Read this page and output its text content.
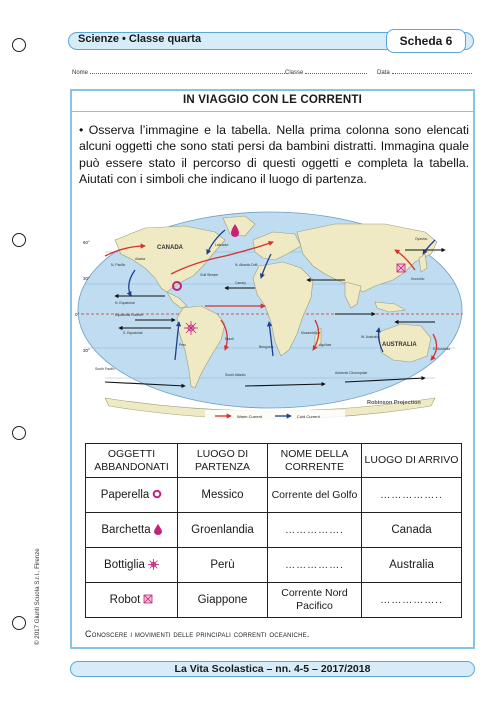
Scienze • Classe quarta	Scheda 6
Nome	Classe	Data
IN VIAGGIO CON LE CORRENTI
• Osserva l’immagine e la tabella. Nella prima colonna sono elencati alcuni oggetti che sono stati persi da bambini distratti. Immagina quale può essere stato il percorso di questi oggetti e completa la tabella. Aiutati con i simboli che indicano il luogo di partenza.
60°
30°
0°
30°
CANADA
AUSTRALIA
Alaska
Labrador
Gulf Stream
N. Pacific	N. Atlantic Drift
Canary
N. Equatorial
Equatorial Counter
S. Equatorial
Peru
Brazil
Benguela	Agulhas
W. Australia
E. Australia
South Pacific
South Atlantic	Antarctic Circumpolar
Oyashio
Kuroshio
Mozambique
Warm Current	Cold Current
Robinson Projection
OGGETTI ABBANDONATI	LUOGO DI PARTENZA	NOME DELLA CORRENTE	LUOGO DI ARRIVO
Paperella	Messico	Corrente del Golfo	……………..
Barchetta	Groenlandia	…………….	Canada
Bottiglia	Perù	…………….	Australia
Robot	Giappone	Corrente Nord Pacifico	……………..
Conoscere i movimenti delle principali correnti oceaniche.
© 2017 Giunti Scuola S.r.l., Firenze
La Vita Scolastica – nn. 4-5 – 2017/2018
